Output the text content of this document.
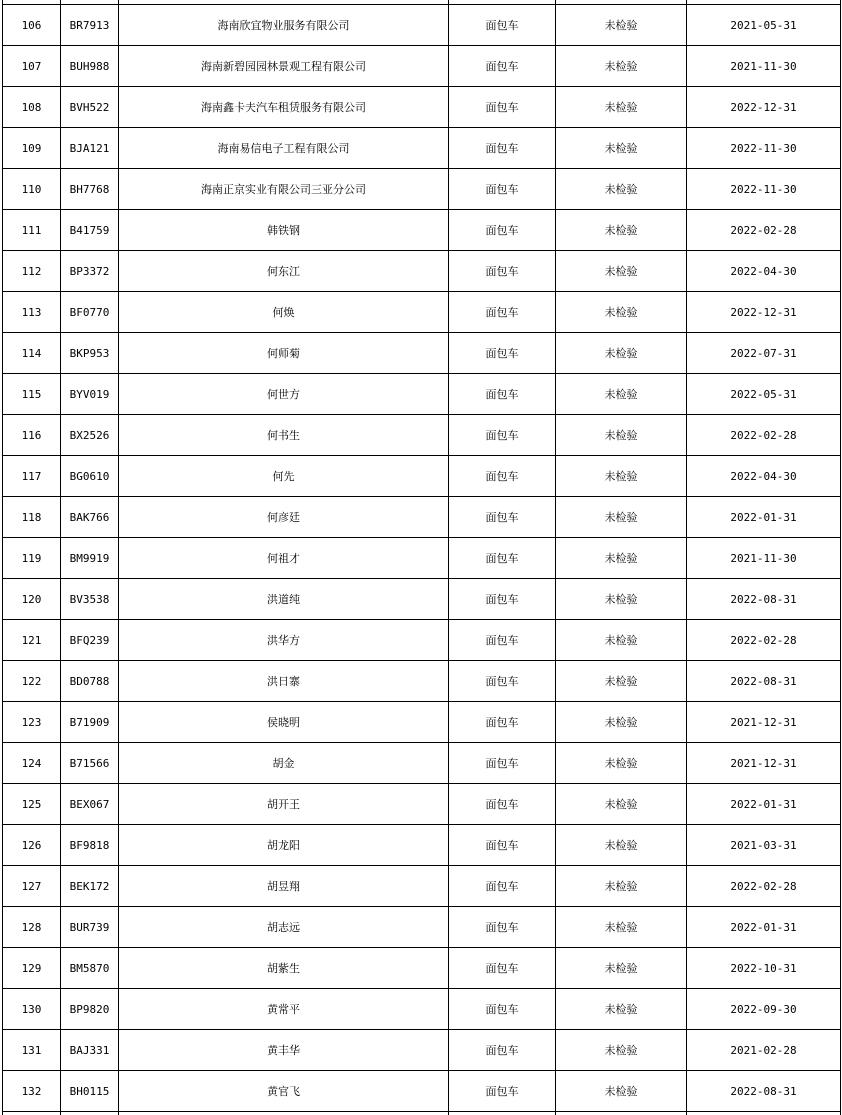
106	BR7913	海南欣宜物业服务有限公司	面包车	未检验	2021-05-31
107	BUH988	海南新碧园园林景观工程有限公司	面包车	未检验	2021-11-30
108	BVH522	海南鑫卡夫汽车租赁服务有限公司	面包车	未检验	2022-12-31
109	BJA121	海南易信电子工程有限公司	面包车	未检验	2022-11-30
110	BH7768	海南正京实业有限公司三亚分公司	面包车	未检验	2022-11-30
111	B41759	韩铁钢	面包车	未检验	2022-02-28
112	BP3372	何东江	面包车	未检验	2022-04-30
113	BF0770	何焕	面包车	未检验	2022-12-31
114	BKP953	何师菊	面包车	未检验	2022-07-31
115	BYV019	何世方	面包车	未检验	2022-05-31
116	BX2526	何书生	面包车	未检验	2022-02-28
117	BG0610	何先	面包车	未检验	2022-04-30
118	BAK766	何彦廷	面包车	未检验	2022-01-31
119	BM9919	何祖才	面包车	未检验	2021-11-30
120	BV3538	洪道纯	面包车	未检验	2022-08-31
121	BFQ239	洪华方	面包车	未检验	2022-02-28
122	BD0788	洪日寨	面包车	未检验	2022-08-31
123	B71909	侯晓明	面包车	未检验	2021-12-31
124	B71566	胡金	面包车	未检验	2021-12-31
125	BEX067	胡开王	面包车	未检验	2022-01-31
126	BF9818	胡龙阳	面包车	未检验	2021-03-31
127	BEK172	胡昱翔	面包车	未检验	2022-02-28
128	BUR739	胡志远	面包车	未检验	2022-01-31
129	BM5870	胡紫生	面包车	未检验	2022-10-31
130	BP9820	黄常平	面包车	未检验	2022-09-30
131	BAJ331	黄丰华	面包车	未检验	2021-02-28
132	BH0115	黄官飞	面包车	未检验	2022-08-31
